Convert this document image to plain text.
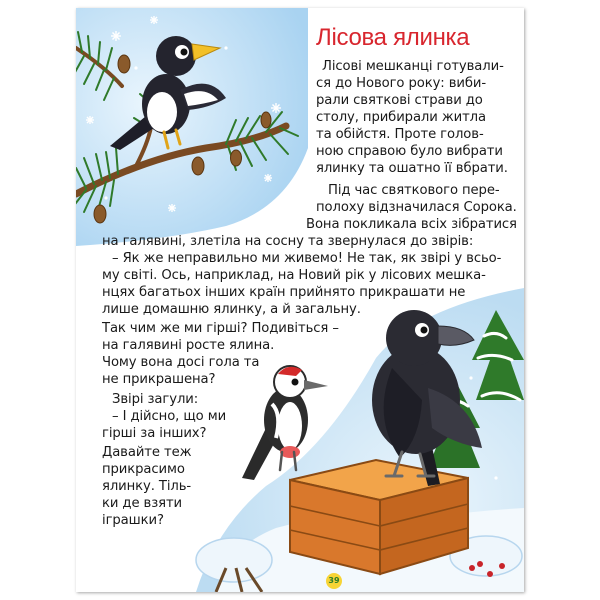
Лісова ялинка
Лісові мешканці готували-
ся до Нового року: виби-
рали святкові страви до
столу, прибирали житла
та обійстя. Проте голов-
ною справою було вибрати
ялинку та ошатно її вбрати.
Під час святкового пере-
полоху відзначилася Сорока.
Вона покликала всіх зібратися
на галявині, злетіла на сосну та звернулася до звірів:
– Як же неправильно ми живемо! Не так, як звірі у всьо-
му світі. Ось, наприклад, на Новий рік у лісових мешка-
нцях багатьох інших країн прийнято прикрашати не
лише домашню ялинку, а й загальну.
Так чим же ми гірші? Подивіться –
на галявині росте ялина.
Чому вона досі гола та
не прикрашена?
Звірі загули:
– І дійсно, що ми
гірші за інших?
Давайте теж
прикрасимо
ялинку. Тіль-
ки де взяти
іграшки?
39
